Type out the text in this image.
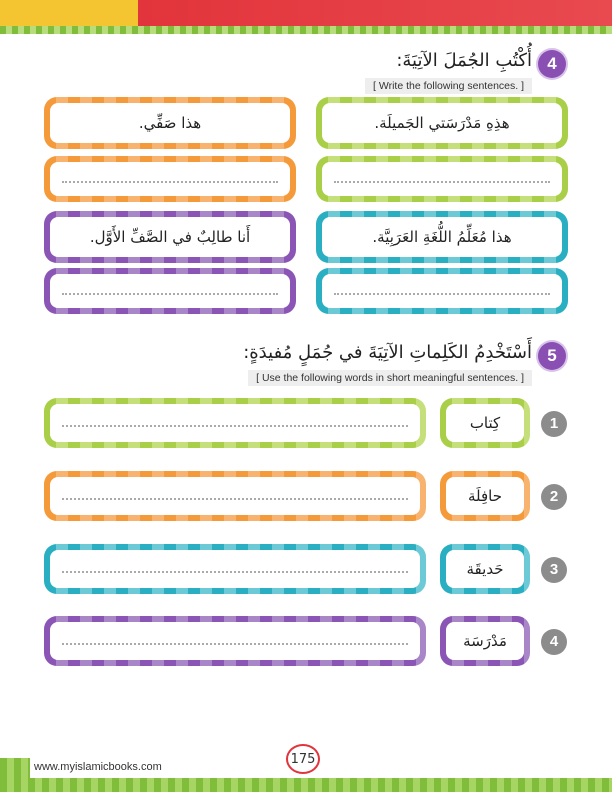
4
أُكْتُبِ الجُمَلَ الآتِيَةَ:
[ Write the following sentences. ]
هذا صَفِّي.
أَنا طالِبٌ في الصَّفِّ الأَوَّل.
هذِهِ مَدْرَسَتي الجَميلَة.
هذا مُعَلِّمُ اللُّغَةِ العَرَبِيَّة.
5
أَسْتَخْدِمُ الكَلِماتِ الآتِيَةَ في جُمَلٍ مُفيدَةٍ:
[ Use the following words in short meaningful sentences. ]
كِتاب	1
حافِلَة	2
حَديقَة	3
مَدْرَسَة	4
www.myislamicbooks.com	175
